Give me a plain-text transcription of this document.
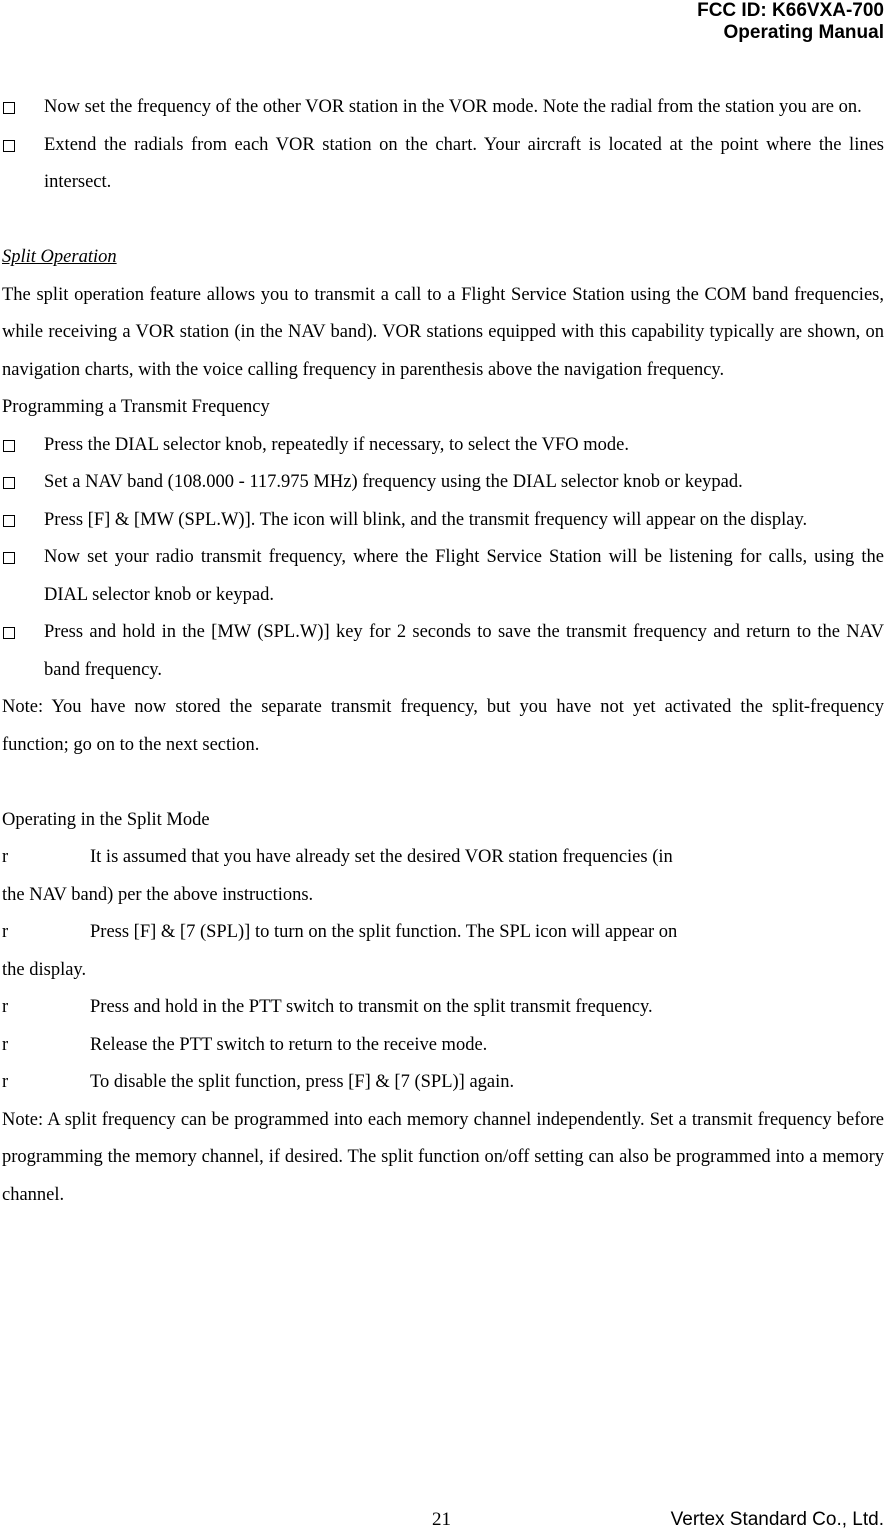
FCC ID: K66VXA-700
Operating Manual
Now set the frequency of the other VOR station in the VOR mode. Note the radial from the station you are on.
Extend the radials from each VOR station on the chart. Your aircraft is located at the point where the lines intersect.

Split Operation

The split operation feature allows you to transmit a call to a Flight Service Station using the COM band frequencies, while receiving a VOR station (in the NAV band). VOR stations equipped with this capability typically are shown, on navigation charts, with the voice calling frequency in parenthesis above the navigation frequency.

Programming a Transmit Frequency

Press the DIAL selector knob, repeatedly if necessary, to select the VFO mode.
Set a NAV band (108.000 - 117.975 MHz) frequency using the DIAL selector knob or keypad.
Press [F] & [MW (SPL.W)]. The icon will blink, and the transmit frequency will appear on the display.
Now set your radio transmit frequency, where the Flight Service Station will be listening for calls, using the DIAL selector knob or keypad.
Press and hold in the [MW (SPL.W)] key for 2 seconds to save the transmit frequency and return to the NAV band frequency.

Note: You have now stored the separate transmit frequency, but you have not yet activated the split-frequency function; go on to the next section.

Operating in the Split Mode

r	It is assumed that you have already set the desired VOR station frequencies (in

the NAV band) per the above instructions.

r	Press [F] & [7 (SPL)] to turn on the split function. The SPL icon will appear on

the display.

r	Press and hold in the PTT switch to transmit on the split transmit frequency.
r	Release the PTT switch to return to the receive mode.
r	To disable the split function, press [F] & [7 (SPL)] again.

Note: A split frequency can be programmed into each memory channel independently. Set a transmit frequency before programming the memory channel, if desired. The split function on/off setting can also be programmed into a memory channel.

21	Vertex Standard Co., Ltd.
